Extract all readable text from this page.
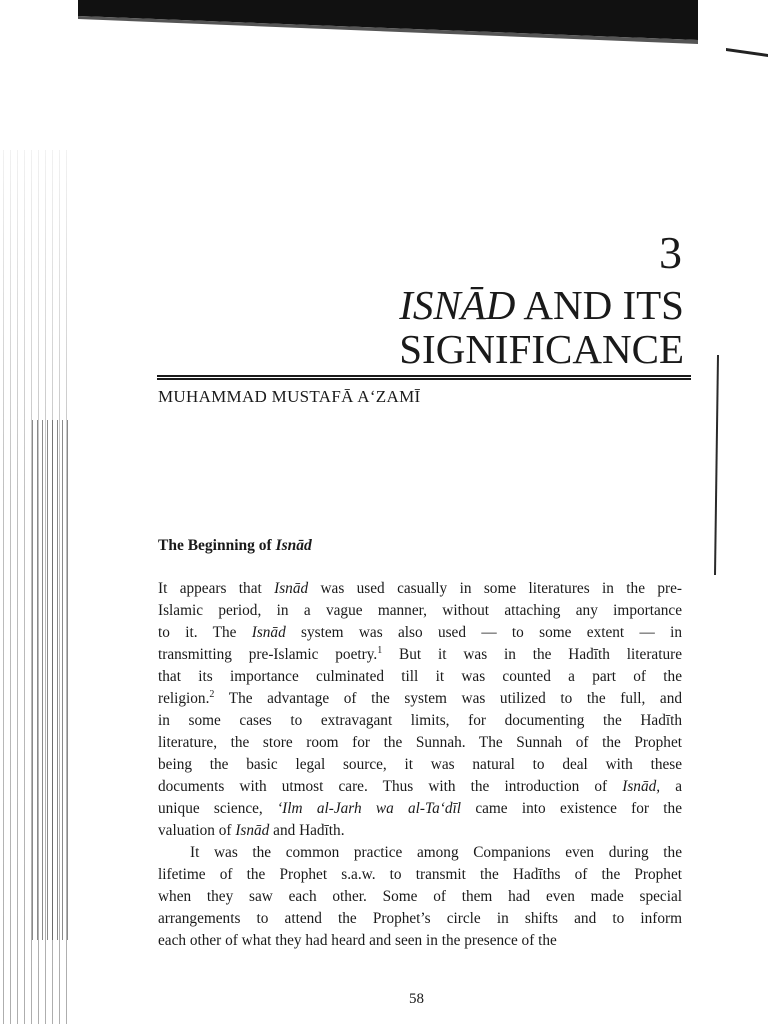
3
ISNĀD AND ITS
SIGNIFICANCE

MUHAMMAD MUSTAFĀ A‘ZAMĪ

The Beginning of Isnād

It appears that Isnād was used casually in some literatures in the pre-
Islamic period, in a vague manner, without attaching any importance
to it. The Isnād system was also used — to some extent — in
transmitting pre-Islamic poetry.$^1$ But it was in the Hadīth literature
that its importance culminated till it was counted a part of the
religion.$^2$ The advantage of the system was utilized to the full, and
in some cases to extravagant limits, for documenting the Hadīth
literature, the store room for the Sunnah. The Sunnah of the Prophet
being the basic legal source, it was natural to deal with these
documents with utmost care. Thus with the introduction of Isnād, a
unique science, ‘Ilm al-Jarh wa al-Ta‘dīl came into existence for the
valuation of Isnād and Hadīth.

It was the common practice among Companions even during the
lifetime of the Prophet s.a.w. to transmit the Hadīths of the Prophet
when they saw each other. Some of them had even made special
arrangements to attend the Prophet’s circle in shifts and to inform
each other of what they had heard and seen in the presence of the

58
